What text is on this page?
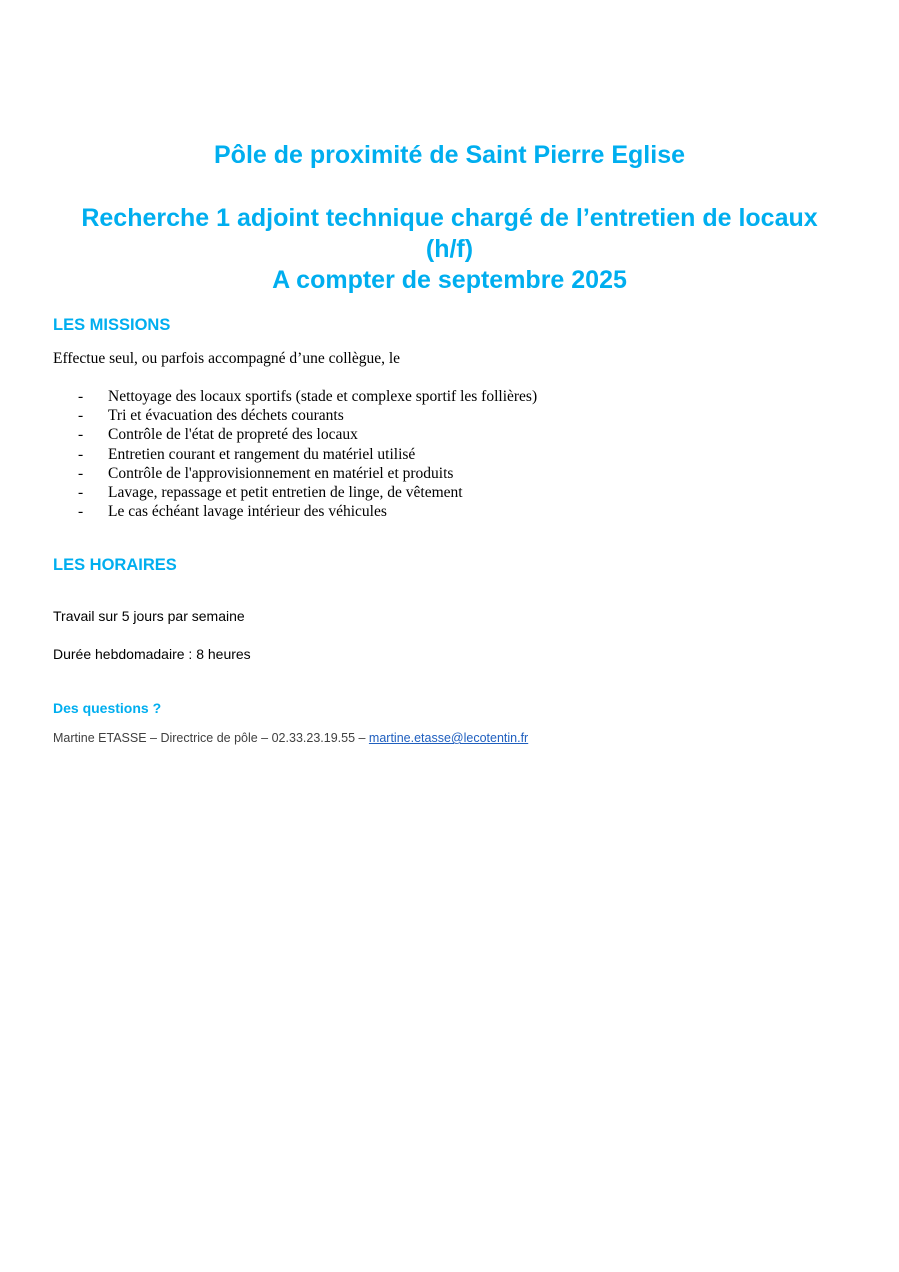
Pôle de proximité de Saint Pierre Eglise
Recherche 1 adjoint technique chargé de l’entretien de locaux
(h/f)
A compter de septembre 2025
LES MISSIONS

Effectue seul, ou parfois accompagné d’une collègue, le

- Nettoyage des locaux sportifs (stade et complexe sportif les follières)
- Tri et évacuation des déchets courants
- Contrôle de l'état de propreté des locaux
- Entretien courant et rangement du matériel utilisé
- Contrôle de l'approvisionnement en matériel et produits
- Lavage, repassage et petit entretien de linge, de vêtement
- Le cas échéant lavage intérieur des véhicules
LES HORAIRES

Travail sur 5 jours par semaine

Durée hebdomadaire : 8 heures

Des questions ?

Martine ETASSE – Directrice de pôle – 02.33.23.19.55 – martine.etasse@lecotentin.fr
